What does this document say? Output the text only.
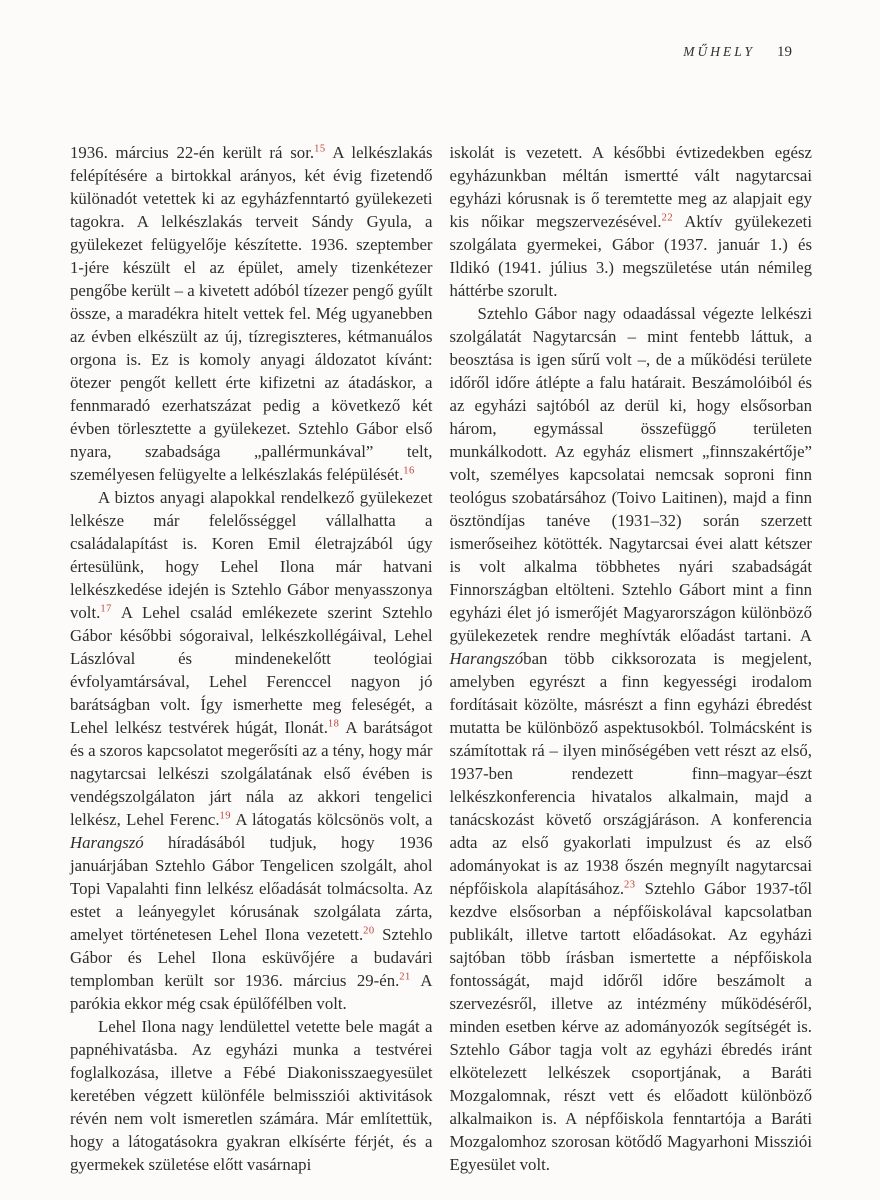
MŰHELY 19

1936. március 22-én került rá sor.$^{15}$ A lelkészlakás felépítésére a birtokkal arányos, két évig fizetendő különadót vetettek ki az egyházfenntartó gyülekezeti tagokra. A lelkészlakás terveit Sándy Gyula, a gyülekezet felügyelője készítette. 1936. szeptember 1-jére készült el az épület, amely tizenkétezer pengőbe került – a kivetett adóból tízezer pengő gyűlt össze, a maradékra hitelt vettek fel. Még ugyanebben az évben elkészült az új, tízregiszteres, kétmanuálos orgona is. Ez is komoly anyagi áldozatot kívánt: ötezer pengőt kellett érte kifizetni az átadáskor, a fennmaradó ezerhatszázat pedig a következő két évben törlesztette a gyülekezet. Sztehlo Gábor első nyara, szabadsága „pallérmunkával” telt, személyesen felügyelte a lelkészlakás felépülését.$^{16}$

A biztos anyagi alapokkal rendelkező gyülekezet lelkésze már felelősséggel vállalhatta a családalapítást is. Koren Emil életrajzából úgy értesülünk, hogy Lehel Ilona már hatvani lelkészkedése idején is Sztehlo Gábor menyasszonya volt.$^{17}$ A Lehel család emlékezete szerint Sztehlo Gábor későbbi sógoraival, lelkészkollégáival, Lehel Lászlóval és mindenekelőtt teológiai évfolyamtársával, Lehel Ferenccel nagyon jó barátságban volt. Így ismerhette meg feleségét, a Lehel lelkész testvérek húgát, Ilonát.$^{18}$ A barátságot és a szoros kapcsolatot megerősíti az a tény, hogy már nagytarcsai lelkészi szolgálatának első évében is vendégszolgálaton járt nála az akkori tengelici lelkész, Lehel Ferenc.$^{19}$ A látogatás kölcsönös volt, a Harangszó híradásából tudjuk, hogy 1936 januárjában Sztehlo Gábor Tengelicen szolgált, ahol Topi Vapalahti finn lelkész előadását tolmácsolta. Az estet a leányegylet kórusának szolgálata zárta, amelyet történetesen Lehel Ilona vezetett.$^{20}$ Sztehlo Gábor és Lehel Ilona esküvőjére a budavári templomban került sor 1936. március 29-én.$^{21}$ A parókia ekkor még csak épülőfélben volt.

Lehel Ilona nagy lendülettel vetette bele magát a papnéhivatásba. Az egyházi munka a testvérei foglalkozása, illetve a Fébé Diakonisszaegyesület keretében végzett különféle belmissziói aktivitások révén nem volt ismeretlen számára. Már említettük, hogy a látogatásokra gyakran elkísérte férjét, és a gyermekek születése előtt vasárnapi

iskolát is vezetett. A későbbi évtizedekben egész egyházunkban méltán ismertté vált nagytarcsai egyházi kórusnak is ő teremtette meg az alapjait egy kis nőikar megszervezésével.$^{22}$ Aktív gyülekezeti szolgálata gyermekei, Gábor (1937. január 1.) és Ildikó (1941. július 3.) megszületése után némileg háttérbe szorult.

Sztehlo Gábor nagy odaadással végezte lelkészi szolgálatát Nagytarcsán – mint fentebb láttuk, a beosztása is igen sűrű volt –, de a működési területe időről időre átlépte a falu határait. Beszámolóiból és az egyházi sajtóból az derül ki, hogy elsősorban három, egymással összefüggő területen munkálkodott. Az egyház elismert „finnszakértője” volt, személyes kapcsolatai nemcsak soproni finn teológus szobatársához (Toivo Laitinen), majd a finn ösztöndíjas tanéve (1931–32) során szerzett ismerőseihez kötötték. Nagytarcsai évei alatt kétszer is volt alkalma többhetes nyári szabadságát Finnországban eltölteni. Sztehlo Gábort mint a finn egyházi élet jó ismerőjét Magyarországon különböző gyülekezetek rendre meghívták előadást tartani. A Harangszóban több cikksorozata is megjelent, amelyben egyrészt a finn kegyességi irodalom fordításait közölte, másrészt a finn egyházi ébredést mutatta be különböző aspektusokból. Tolmácsként is számítottak rá – ilyen minőségében vett részt az első, 1937-ben rendezett finn–magyar–észt lelkészkonferencia hivatalos alkalmain, majd a tanácskozást követő országjáráson. A konferencia adta az első gyakorlati impulzust és az első adományokat is az 1938 őszén megnyílt nagytarcsai népfőiskola alapításához.$^{23}$ Sztehlo Gábor 1937-től kezdve elsősorban a népfőiskolával kapcsolatban publikált, illetve tartott előadásokat. Az egyházi sajtóban több írásban ismertette a népfőiskola fontosságát, majd időről időre beszámolt a szervezésről, illetve az intézmény működéséről, minden esetben kérve az adományozók segítségét is. Sztehlo Gábor tagja volt az egyházi ébredés iránt elkötelezett lelkészek csoportjának, a Baráti Mozgalomnak, részt vett és előadott különböző alkalmaikon is. A népfőiskola fenntartója a Baráti Mozgalomhoz szorosan kötődő Magyarhoni Missziói Egyesület volt.
